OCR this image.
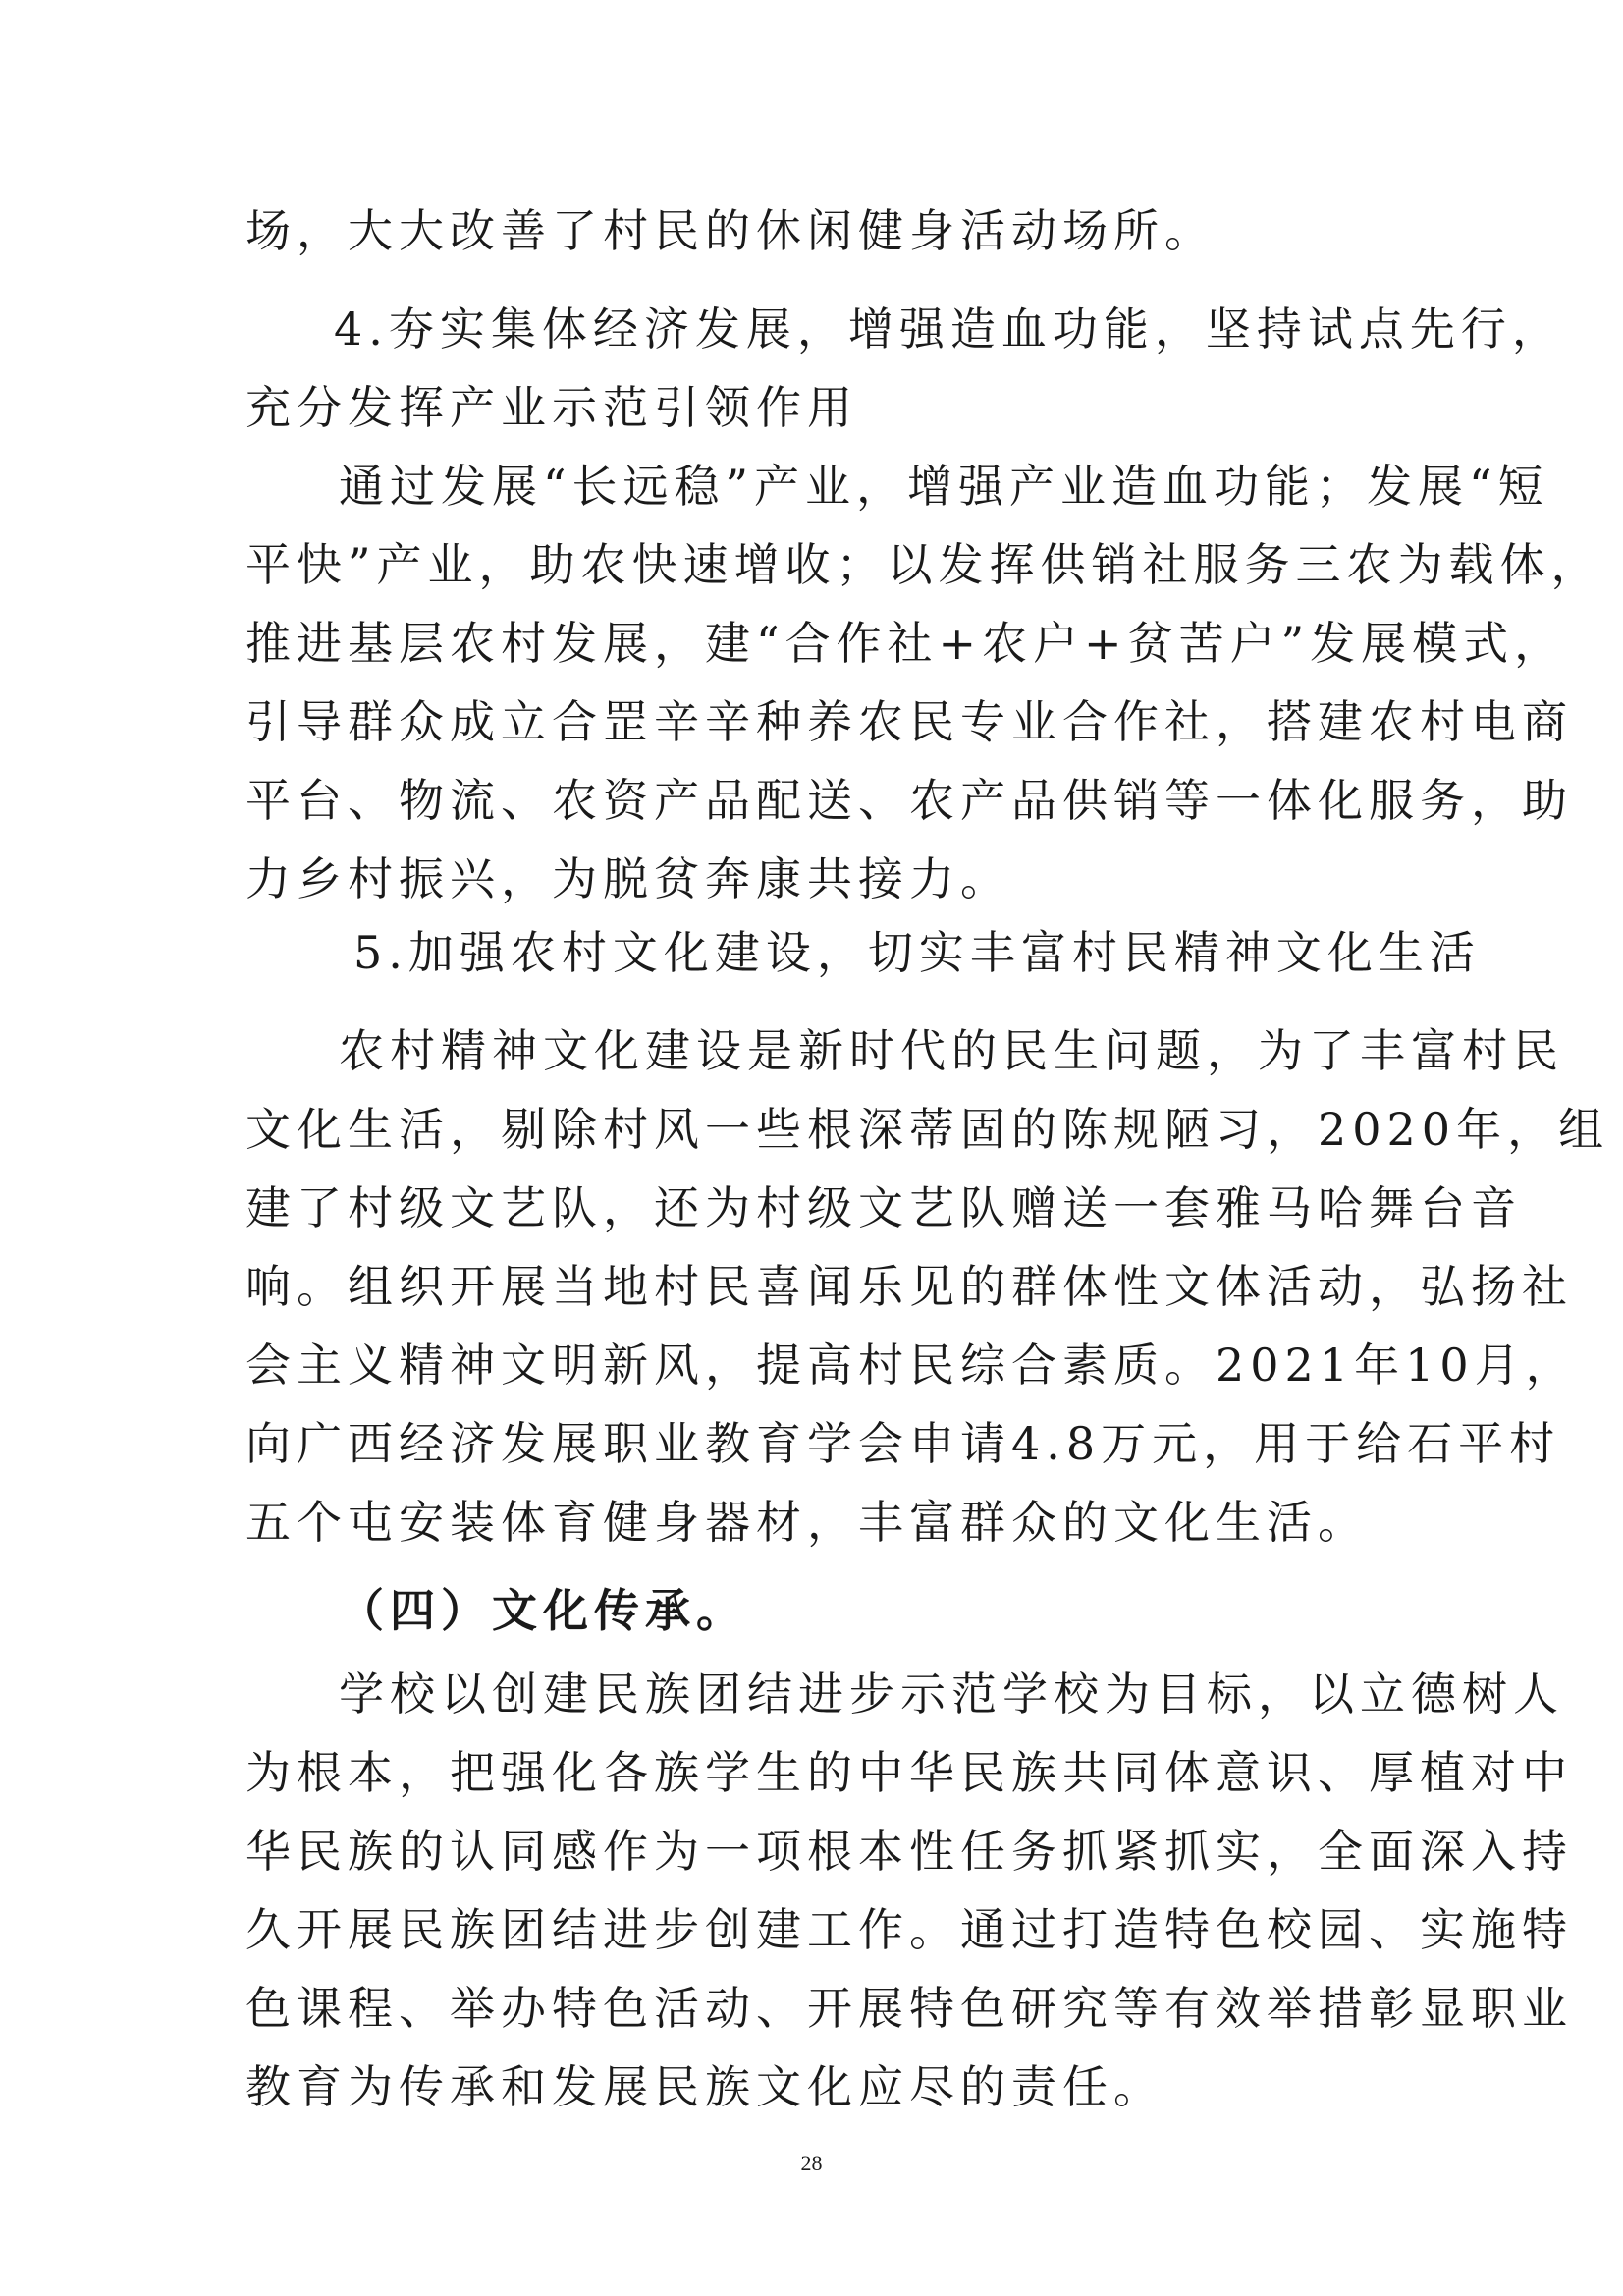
场，大大改善了村民的休闲健身活动场所。
4.夯实集体经济发展，增强造血功能，坚持试点先行，
充分发挥产业示范引领作用
通过发展“长远稳”产业，增强产业造血功能；发展“短
平快”产业，助农快速增收；以发挥供销社服务三农为载体，
推进基层农村发展，建“合作社+农户+贫苦户”发展模式，
引导群众成立合罡辛辛种养农民专业合作社，搭建农村电商
平台、物流、农资产品配送、农产品供销等一体化服务，助
力乡村振兴，为脱贫奔康共接力。
5.加强农村文化建设，切实丰富村民精神文化生活
农村精神文化建设是新时代的民生问题，为了丰富村民
文化生活，剔除村风一些根深蒂固的陈规陋习，2020年，组
建了村级文艺队，还为村级文艺队赠送一套雅马哈舞台音
响。组织开展当地村民喜闻乐见的群体性文体活动，弘扬社
会主义精神文明新风，提高村民综合素质。2021年10月，
向广西经济发展职业教育学会申请4.8万元，用于给石平村
五个屯安装体育健身器材，丰富群众的文化生活。
（四）文化传承。
学校以创建民族团结进步示范学校为目标，以立德树人
为根本，把强化各族学生的中华民族共同体意识、厚植对中
华民族的认同感作为一项根本性任务抓紧抓实，全面深入持
久开展民族团结进步创建工作。通过打造特色校园、实施特
色课程、举办特色活动、开展特色研究等有效举措彰显职业
教育为传承和发展民族文化应尽的责任。
28
